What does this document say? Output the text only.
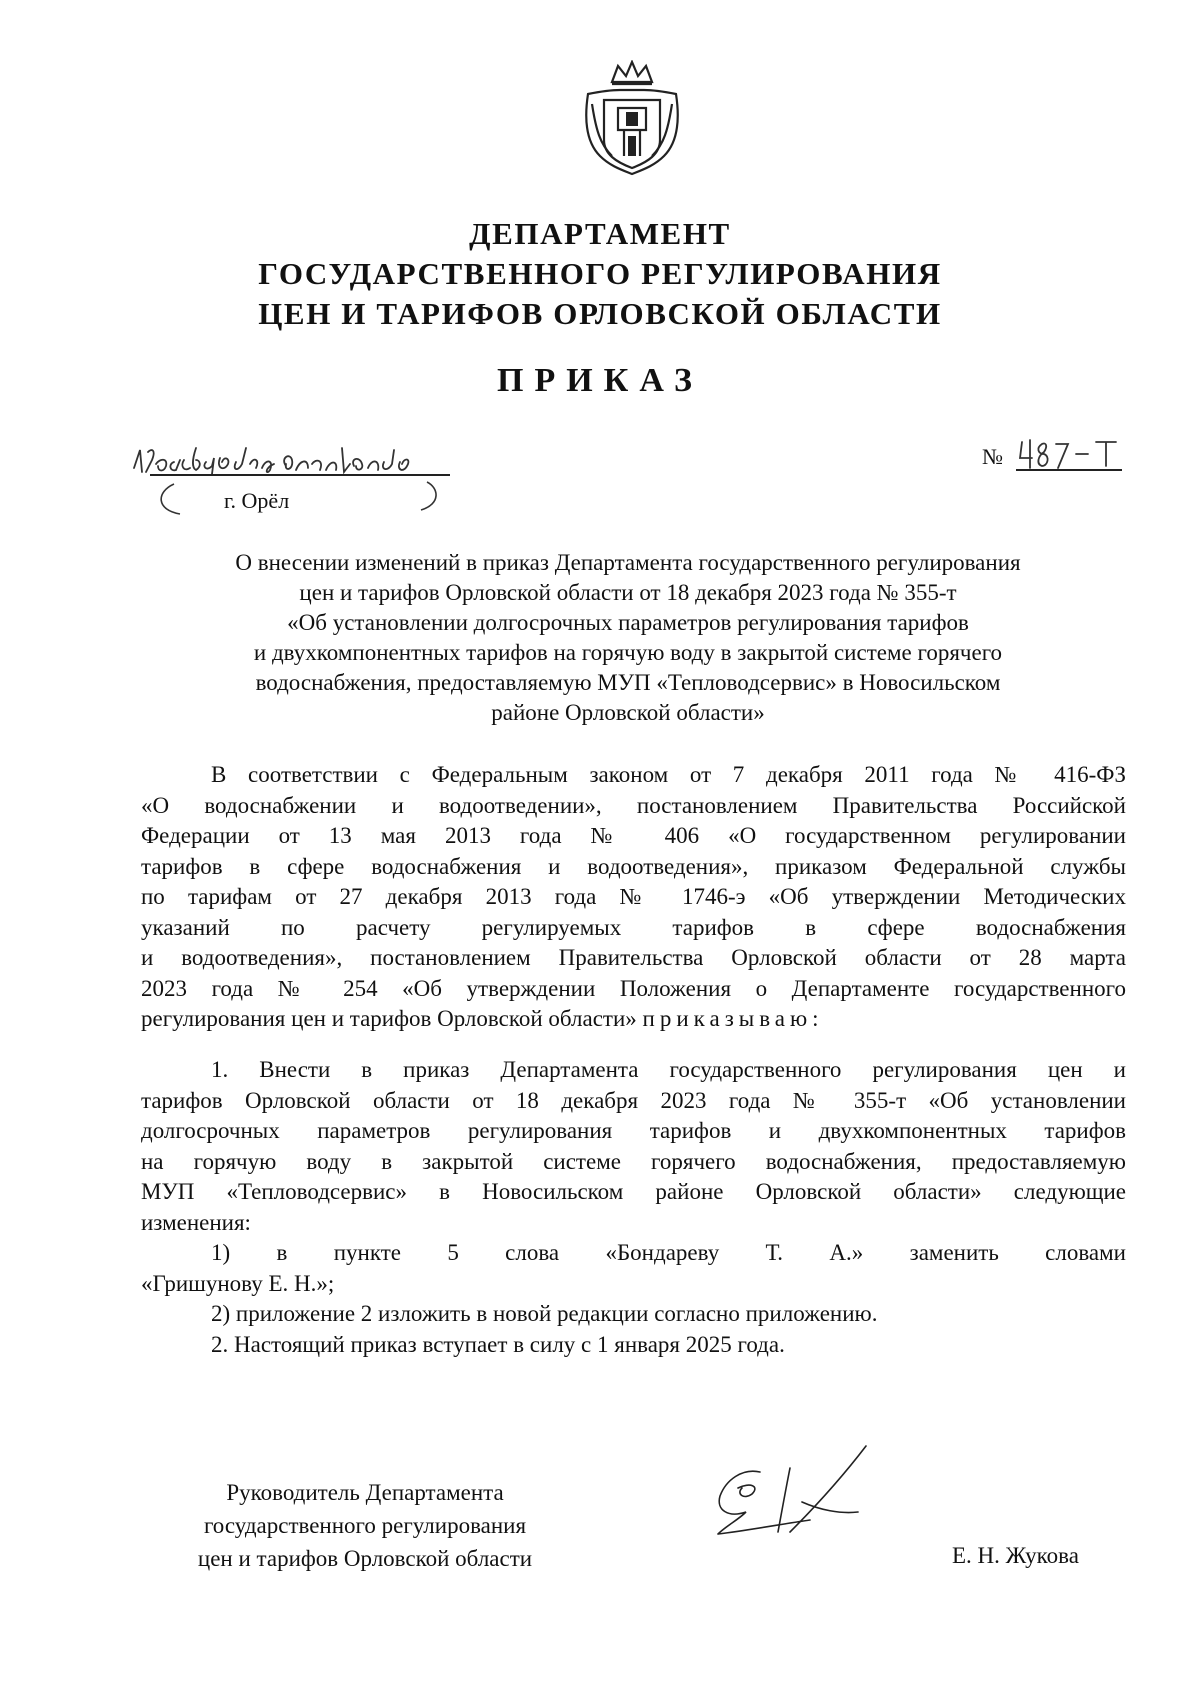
ДЕПАРТАМЕНТ
ГОСУДАРСТВЕННОГО РЕГУЛИРОВАНИЯ
ЦЕН И ТАРИФОВ ОРЛОВСКОЙ ОБЛАСТИ
ПРИКАЗ
г. Орёл
№
О внесении изменений в приказ Департамента государственного регулирования
цен и тарифов Орловской области от 18 декабря 2023 года № 355-т
«Об установлении долгосрочных параметров регулирования тарифов
и двухкомпонентных тарифов на горячую воду в закрытой системе горячего
водоснабжения, предоставляемую МУП «Тепловодсервис» в Новосильском
районе Орловской области»
В соответствии с Федеральным законом от 7 декабря 2011 года № 416-ФЗ
«О водоснабжении и водоотведении», постановлением Правительства Российской
Федерации от 13 мая 2013 года № 406 «О государственном регулировании
тарифов в сфере водоснабжения и водоотведения», приказом Федеральной службы
по тарифам от 27 декабря 2013 года № 1746-э «Об утверждении Методических
указаний по расчету регулируемых тарифов в сфере водоснабжения
и водоотведения», постановлением Правительства Орловской области от 28 марта
2023 года № 254 «Об утверждении Положения о Департаменте государственного
регулирования цен и тарифов Орловской области» приказываю:
1. Внести в приказ Департамента государственного регулирования цен и
тарифов Орловской области от 18 декабря 2023 года № 355-т «Об установлении
долгосрочных параметров регулирования тарифов и двухкомпонентных тарифов
на горячую воду в закрытой системе горячего водоснабжения, предоставляемую
МУП «Тепловодсервис» в Новосильском районе Орловской области» следующие
изменения:
1) в пункте 5 слова «Бондареву Т. А.» заменить словами
«Гришунову Е. Н.»;
2) приложение 2 изложить в новой редакции согласно приложению.
2. Настоящий приказ вступает в силу с 1 января 2025 года.
Руководитель Департамента
государственного регулирования
цен и тарифов Орловской области	Е. Н. Жукова
